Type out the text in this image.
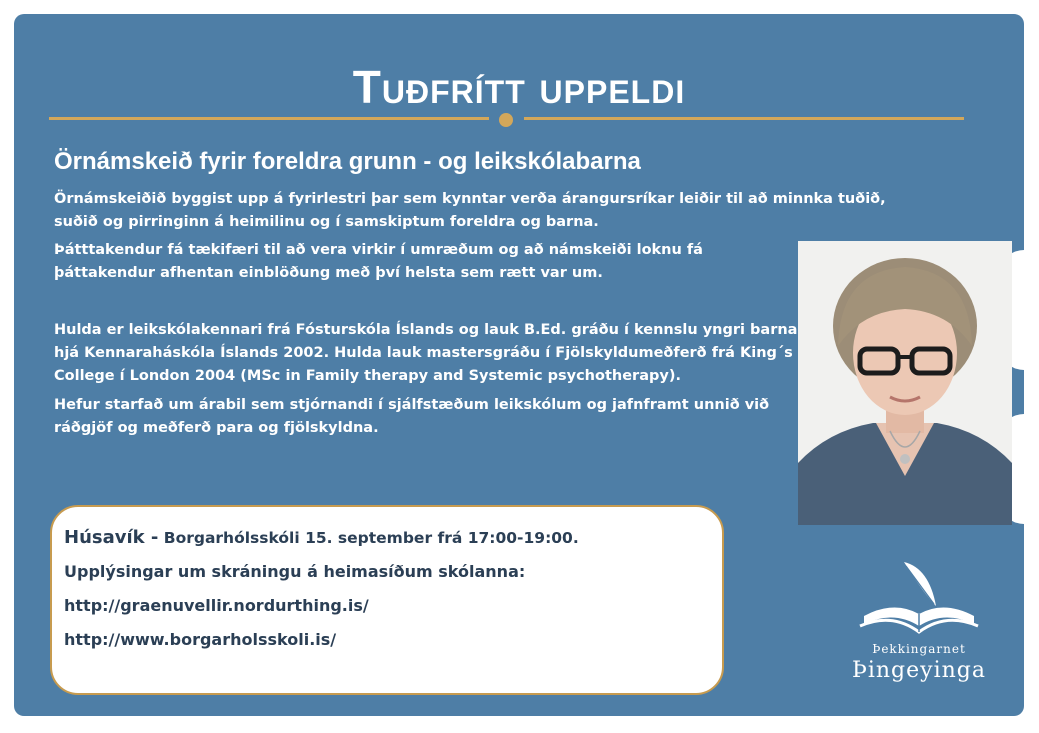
Tuðfrítt uppeldi
Örnámskeið fyrir foreldra grunn - og leikskólabarna
Örnámskeiðið byggist upp á fyrirlestri þar sem kynntar verða árangursríkar leiðir til að minnka tuðið,
suðið og pirringinn á heimilinu og í samskiptum foreldra og barna.
Þátttakendur fá tækifæri til að vera virkir í umræðum og að námskeiði loknu fá
þáttakendur afhentan einblöðung með því helsta sem rætt var um.
Hulda er leikskólakennari frá Fósturskóla Íslands og lauk B.Ed. gráðu í kennslu yngri barna
hjá Kennaraháskóla Íslands 2002. Hulda lauk mastersgráðu í Fjölskyldumeðferð frá King´s
College í London 2004 (MSc in Family therapy and Systemic psychotherapy).
Hefur starfað um árabil sem stjórnandi í sjálfstæðum leikskólum og jafnframt unnið við
ráðgjöf og meðferð para og fjölskyldna.
Húsavík - Borgarhólsskóli 15. september frá 17:00-19:00.
Upplýsingar um skráningu á heimasíðum skólanna:
http://graenuvellir.nordurthing.is/
http://www.borgarholsskoli.is/	Þekkingarnet
Þingeyinga
